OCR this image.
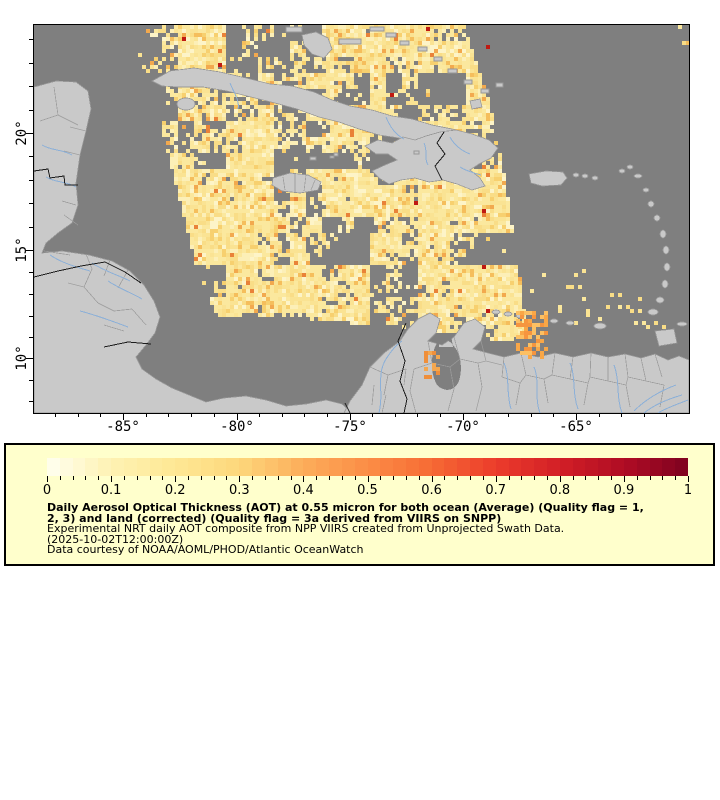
Daily Aerosol Optical Thickness (AOT) at 0.55 micron for both ocean (Average) (Quality flag = 1,
2, 3) and land (corrected) (Quality flag = 3a derived from VIIRS on SNPP)
Experimental NRT daily AOT composite from NPP VIIRS created from Unprojected Swath Data.
(2025-10-02T12:00:00Z)
Data courtesy of NOAA/AOML/PHOD/Atlantic OceanWatch
0	0.1	0.2	0.3	0.4	0.5	0.6	0.7	0.8	0.9	1
20°
15°
10°
-85°	-80°	-75°	-70°	-65°
